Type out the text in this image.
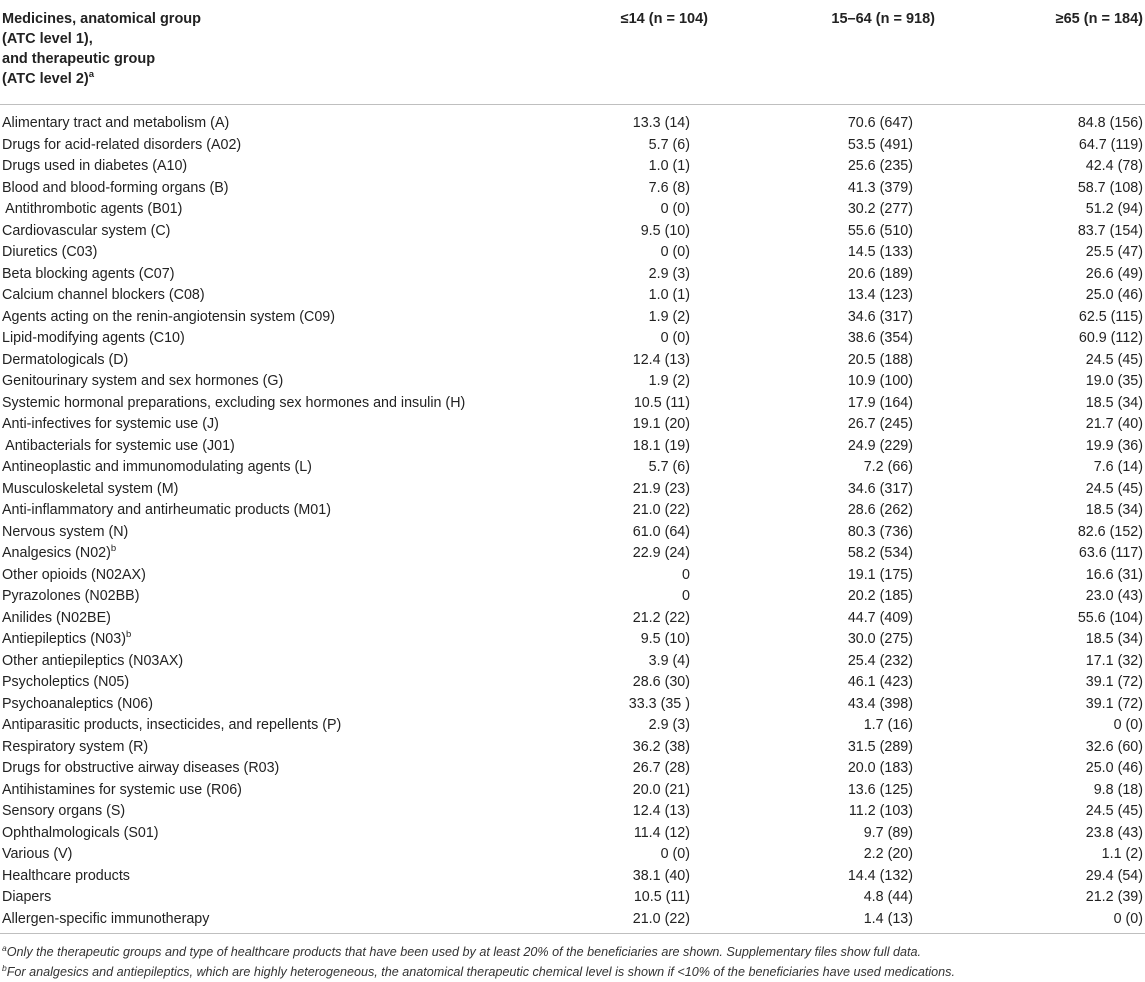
Medicines, anatomical group
(ATC level 1),
and therapeutic group
(ATC level 2)$^a$
≤14 (n = 104)	15–64 (n = 918)	≥65 (n = 184)
Alimentary tract and metabolism (A)	13.3 (14)	70.6 (647)	84.8 (156)
Drugs for acid-related disorders (A02)	5.7 (6)	53.5 (491)	64.7 (119)
Drugs used in diabetes (A10)	1.0 (1)	25.6 (235)	42.4 (78)
Blood and blood-forming organs (B)	7.6 (8)	41.3 (379)	58.7 (108)
Antithrombotic agents (B01)	0 (0)	30.2 (277)	51.2 (94)
Cardiovascular system (C)	9.5 (10)	55.6 (510)	83.7 (154)
Diuretics (C03)	0 (0)	14.5 (133)	25.5 (47)
Beta blocking agents (C07)	2.9 (3)	20.6 (189)	26.6 (49)
Calcium channel blockers (C08)	1.0 (1)	13.4 (123)	25.0 (46)
Agents acting on the renin-angiotensin system (C09)	1.9 (2)	34.6 (317)	62.5 (115)
Lipid-modifying agents (C10)	0 (0)	38.6 (354)	60.9 (112)
Dermatologicals (D)	12.4 (13)	20.5 (188)	24.5 (45)
Genitourinary system and sex hormones (G)	1.9 (2)	10.9 (100)	19.0 (35)
Systemic hormonal preparations, excluding sex hormones and insulin (H)	10.5 (11)	17.9 (164)	18.5 (34)
Anti-infectives for systemic use (J)	19.1 (20)	26.7 (245)	21.7 (40)
Antibacterials for systemic use (J01)	18.1 (19)	24.9 (229)	19.9 (36)
Antineoplastic and immunomodulating agents (L)	5.7 (6)	7.2 (66)	7.6 (14)
Musculoskeletal system (M)	21.9 (23)	34.6 (317)	24.5 (45)
Anti-inflammatory and antirheumatic products (M01)	21.0 (22)	28.6 (262)	18.5 (34)
Nervous system (N)	61.0 (64)	80.3 (736)	82.6 (152)
Analgesics $(N02)^b$	22.9 (24)	58.2 (534)	63.6 (117)
Other opioids (N02AX)	0	19.1 (175)	16.6 (31)
Pyrazolones (N02BB)	0	20.2 (185)	23.0 (43)
Anilides (N02BE)	21.2 (22)	44.7 (409)	55.6 (104)
Antiepileptics $(N03)^b$	9.5 (10)	30.0 (275)	18.5 (34)
Other antiepileptics (N03AX)	3.9 (4)	25.4 (232)	17.1 (32)
Psycholeptics (N05)	28.6 (30)	46.1 (423)	39.1 (72)
Psychoanaleptics (N06)	33.3 (35 )	43.4 (398)	39.1 (72)
Antiparasitic products, insecticides, and repellents (P)	2.9 (3)	1.7 (16)	0 (0)
Respiratory system (R)	36.2 (38)	31.5 (289)	32.6 (60)
Drugs for obstructive airway diseases (R03)	26.7 (28)	20.0 (183)	25.0 (46)
Antihistamines for systemic use (R06)	20.0 (21)	13.6 (125)	9.8 (18)
Sensory organs (S)	12.4 (13)	11.2 (103)	24.5 (45)
Ophthalmologicals (S01)	11.4 (12)	9.7 (89)	23.8 (43)
Various (V)	0 (0)	2.2 (20)	1.1 (2)
Healthcare products	38.1 (40)	14.4 (132)	29.4 (54)
Diapers	10.5 (11)	4.8 (44)	21.2 (39)
Allergen-specific immunotherapy	21.0 (22)	1.4 (13)	0 (0)
$^a$Only the therapeutic groups and type of healthcare products that have been used by at least 20% of the beneficiaries are shown. Supplementary files show full data.
$^b$For analgesics and antiepileptics, which are highly heterogeneous, the anatomical therapeutic chemical level is shown if <10% of the beneficiaries have used medications.
